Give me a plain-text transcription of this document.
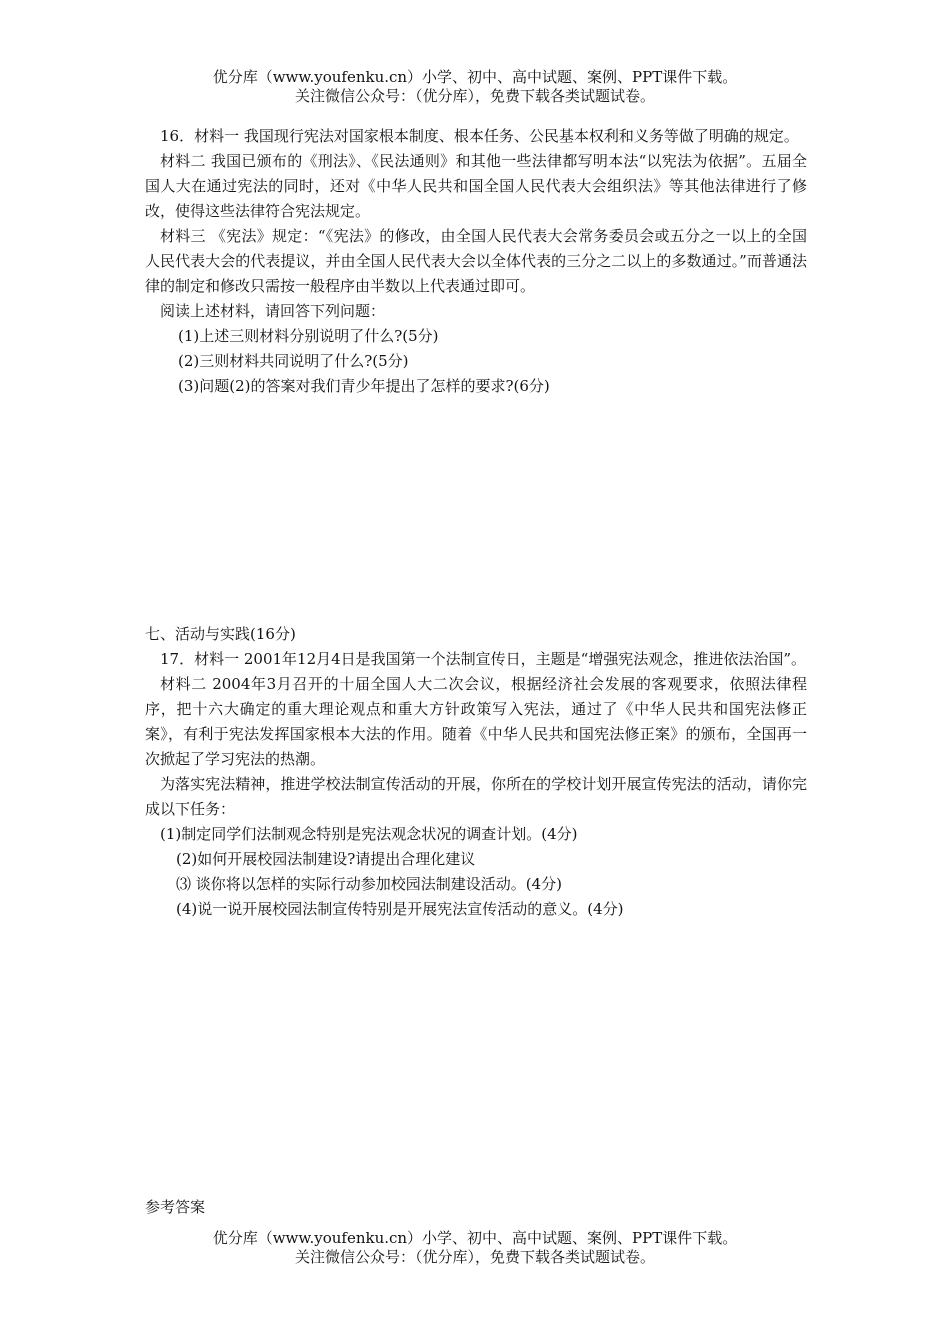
优分库（www.youfenku.cn）小学、初中、高中试题、案例、PPT课件下载。
关注微信公众号：（优分库），免费下载各类试题试卷。

16．材料一 我国现行宪法对国家根本制度、根本任务、公民基本权利和义务等做了明确的规定。

材料二 我国已颁布的《刑法》、《民法通则》和其他一些法律都写明本法“以宪法为依据”。五届全国人大在通过宪法的同时，还对《中华人民共和国全国人民代表大会组织法》等其他法律进行了修改，使得这些法律符合宪法规定。

材料三 《宪法》规定：“《宪法》的修改，由全国人民代表大会常务委员会或五分之一以上的全国人民代表大会的代表提议，并由全国人民代表大会以全体代表的三分之二以上的多数通过。”而普通法律的制定和修改只需按一般程序由半数以上代表通过即可。

阅读上述材料，请回答下列问题：

(1)上述三则材料分别说明了什么?(5分)

(2)三则材料共同说明了什么?(5分)

(3)问题(2)的答案对我们青少年提出了怎样的要求?(6分)

七、活动与实践(16分)

17．材料一 2001年12月4日是我国第一个法制宣传日，主题是“增强宪法观念，推进依法治国”。

材料二 2004年3月召开的十届全国人大二次会议，根据经济社会发展的客观要求，依照法律程序，把十六大确定的重大理论观点和重大方针政策写入宪法，通过了《中华人民共和国宪法修正案》，有利于宪法发挥国家根本大法的作用。随着《中华人民共和国宪法修正案》的颁布，全国再一次掀起了学习宪法的热潮。

为落实宪法精神，推进学校法制宣传活动的开展，你所在的学校计划开展宣传宪法的活动，请你完成以下任务：

(1)制定同学们法制观念特别是宪法观念状况的调查计划。(4分)

(2)如何开展校园法制建设?请提出合理化建议

⑶ 谈你将以怎样的实际行动参加校园法制建设活动。(4分)

(4)说一说开展校园法制宣传特别是开展宪法宣传活动的意义。(4分)

参考答案

优分库（www.youfenku.cn）小学、初中、高中试题、案例、PPT课件下载。
关注微信公众号：（优分库），免费下载各类试题试卷。
